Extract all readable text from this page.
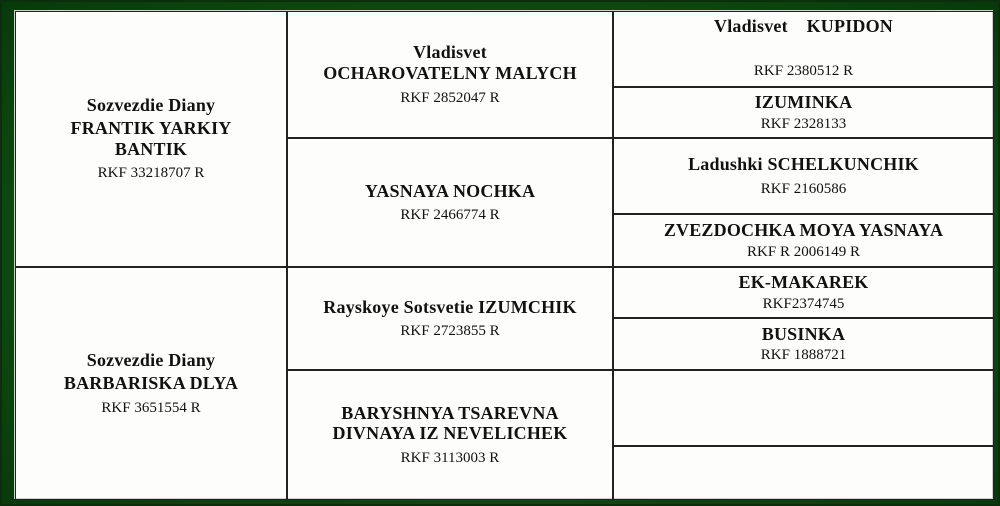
Sozvezdie Diany
FRANTIK YARKIY
BANTIK
RKF 33218707 R
Sozvezdie Diany
BARBARISKA DLYA
RKF 3651554 R
Vladisvet
OCHAROVATELNY MALYCH
RKF 2852047 R
YASNAYA NOCHKA
RKF 2466774 R
Rayskoye Sotsvetie IZUMCHIK
RKF 2723855 R
BARYSHNYA TSAREVNA
DIVNAYA IZ NEVELICHEK
RKF 3113003 R
Vladisvet    KUPIDON
RKF 2380512 R
IZUMINKA
RKF 2328133
Ladushki SCHELKUNCHIK
RKF 2160586
ZVEZDOCHKA MOYA YASNAYA
RKF R 2006149 R
EK-MAKAREK
RKF2374745
BUSINKA
RKF 1888721
